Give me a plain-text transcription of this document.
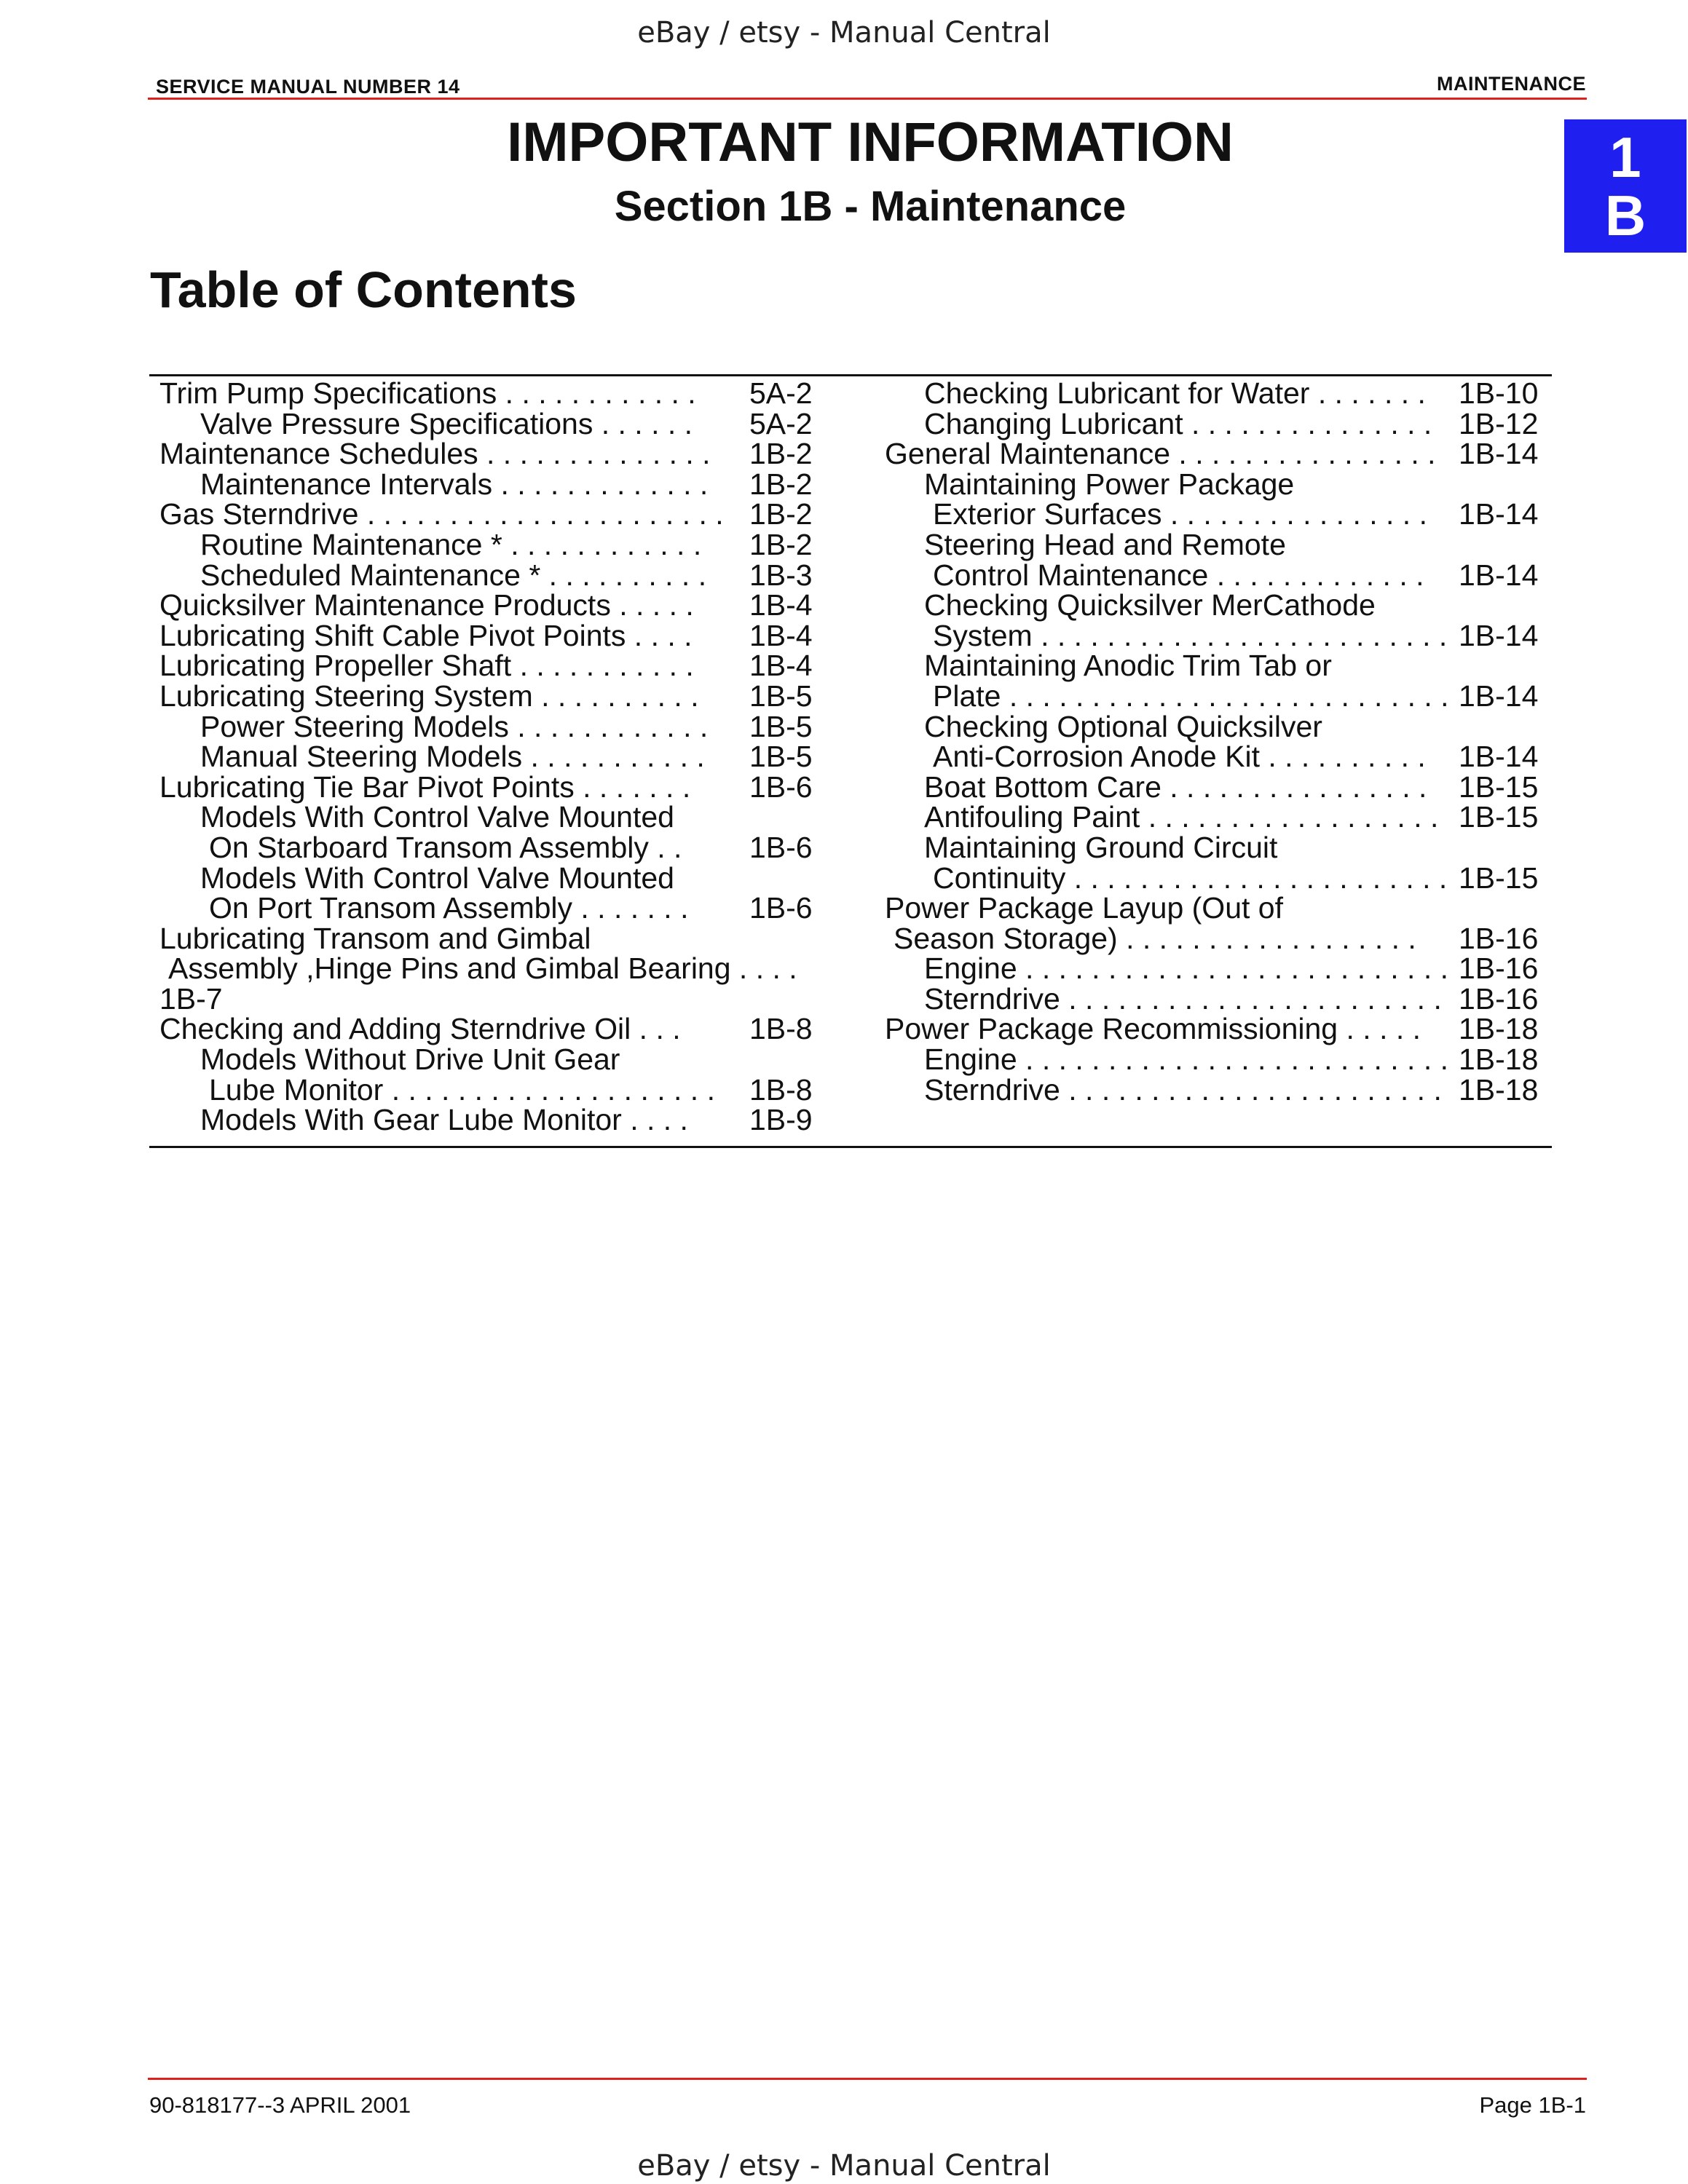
eBay / etsy - Manual Central
SERVICE MANUAL NUMBER 14	MAINTENANCE
IMPORTANT INFORMATION
Section 1B - Maintenance
1
B
Table of Contents
Trim Pump Specifications . . . . . . . . . . . . 5A-2
Valve Pressure Specifications . . . . . . 5A-2
Maintenance Schedules . . . . . . . . . . . . . . 1B-2
Maintenance Intervals . . . . . . . . . . . . . 1B-2
Gas Sterndrive . . . . . . . . . . . . . . . . . . . . . . 1B-2
Routine Maintenance * . . . . . . . . . . . . 1B-2
Scheduled Maintenance * . . . . . . . . . . 1B-3
Quicksilver Maintenance Products . . . . . 1B-4
Lubricating Shift Cable Pivot Points . . . . 1B-4
Lubricating Propeller Shaft . . . . . . . . . . . 1B-4
Lubricating Steering System . . . . . . . . . . 1B-5
Power Steering Models . . . . . . . . . . . . 1B-5
Manual Steering Models . . . . . . . . . . . 1B-5
Lubricating Tie Bar Pivot Points . . . . . . . 1B-6
Models With Control Valve Mounted
On Starboard Transom Assembly . . 1B-6
Models With Control Valve Mounted
On Port Transom Assembly . . . . . . . 1B-6
Lubricating Transom and Gimbal
Assembly ,Hinge Pins and Gimbal Bearing . . . .
1B-7
Checking and Adding Sterndrive Oil . . . 1B-8
Models Without Drive Unit Gear
Lube Monitor . . . . . . . . . . . . . . . . . . . . 1B-8
Models With Gear Lube Monitor . . . . 1B-9
Checking Lubricant for Water . . . . . . . 1B-10
Changing Lubricant . . . . . . . . . . . . . . . 1B-12
General Maintenance . . . . . . . . . . . . . . . . 1B-14
Maintaining Power Package
Exterior Surfaces . . . . . . . . . . . . . . . . 1B-14
Steering Head and Remote
Control Maintenance . . . . . . . . . . . . . 1B-14
Checking Quicksilver MerCathode
System . . . . . . . . . . . . . . . . . . . . . . . . . 1B-14
Maintaining Anodic Trim Tab or
Plate . . . . . . . . . . . . . . . . . . . . . . . . . . . 1B-14
Checking Optional Quicksilver
Anti-Corrosion Anode Kit . . . . . . . . . . 1B-14
Boat Bottom Care . . . . . . . . . . . . . . . . 1B-15
Antifouling Paint . . . . . . . . . . . . . . . . . . 1B-15
Maintaining Ground Circuit
Continuity . . . . . . . . . . . . . . . . . . . . . . . 1B-15
Power Package Layup (Out of
Season Storage) . . . . . . . . . . . . . . . . . . 1B-16
Engine . . . . . . . . . . . . . . . . . . . . . . . . . . 1B-16
Sterndrive . . . . . . . . . . . . . . . . . . . . . . . 1B-16
Power Package Recommissioning . . . . . 1B-18
Engine . . . . . . . . . . . . . . . . . . . . . . . . . . 1B-18
Sterndrive . . . . . . . . . . . . . . . . . . . . . . . 1B-18
90-818177--3 APRIL 2001	Page 1B-1
eBay / etsy - Manual Central
